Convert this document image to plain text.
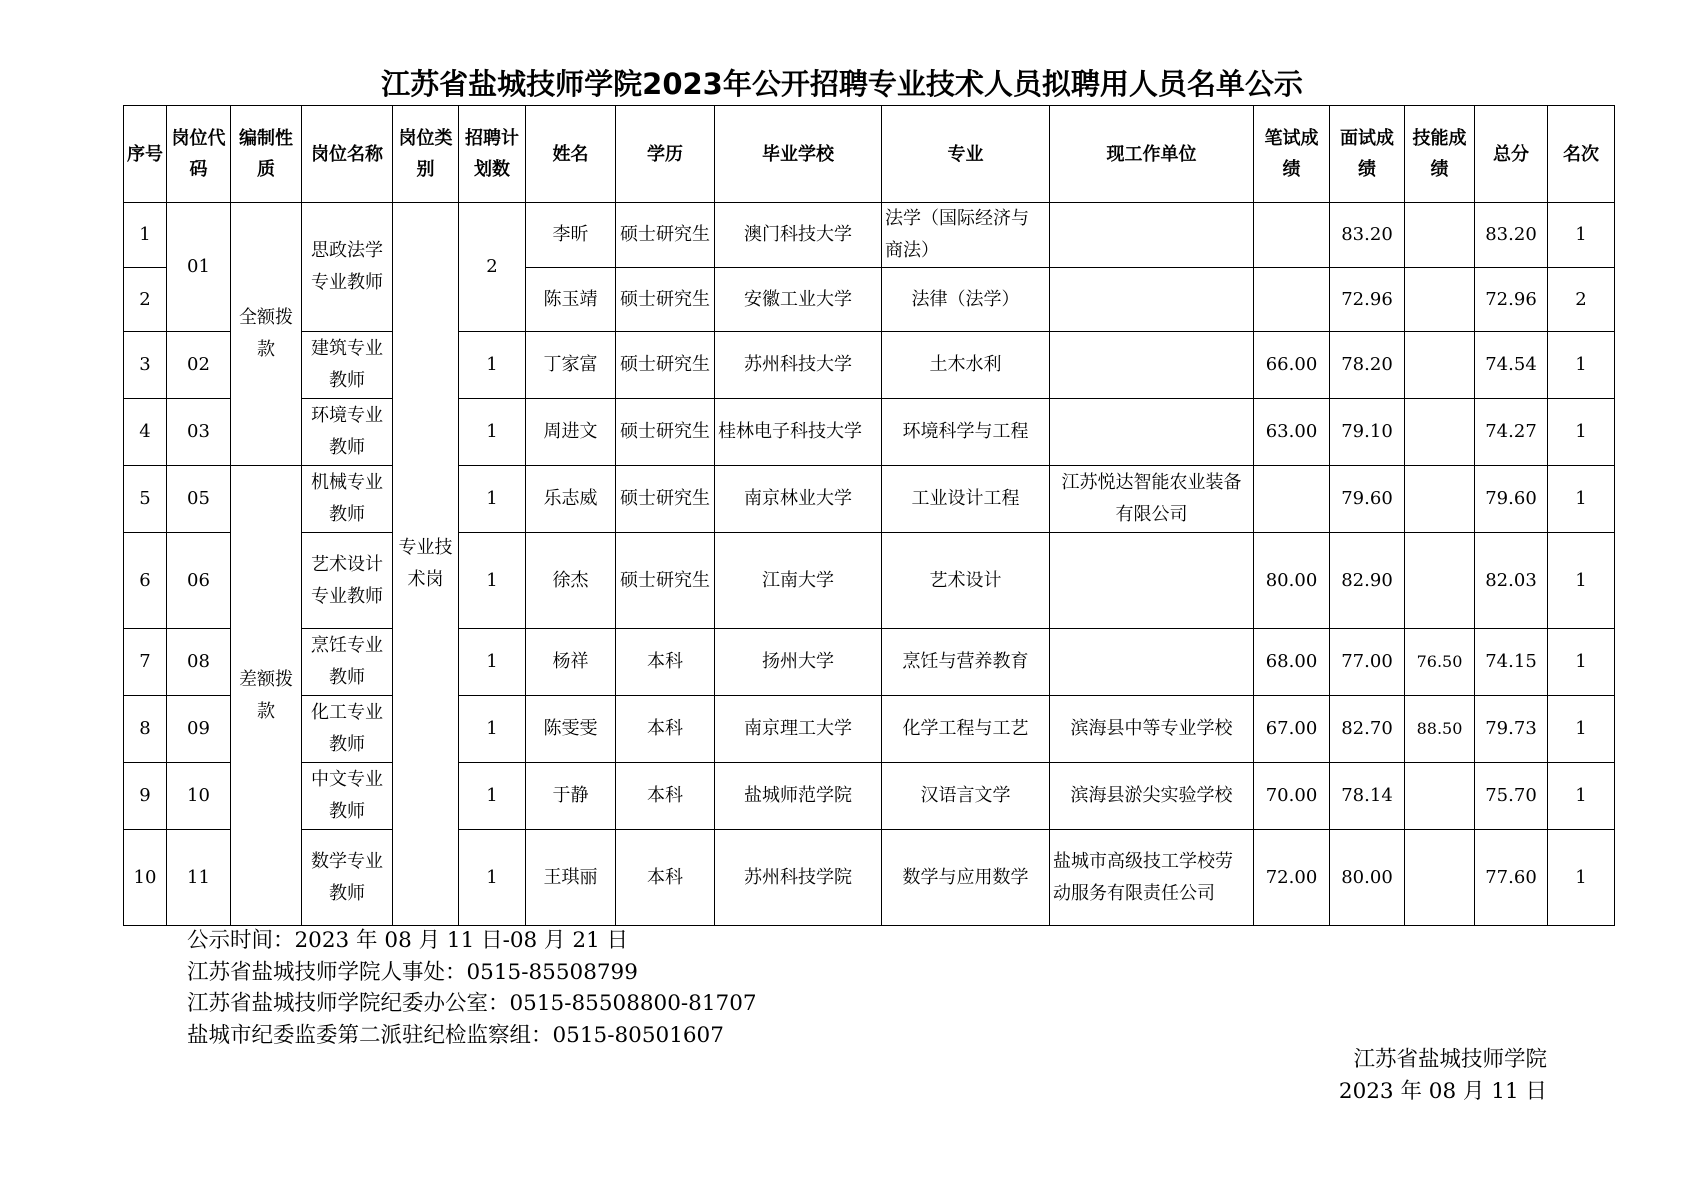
江苏省盐城技师学院2023年公开招聘专业技术人员拟聘用人员名单公示
序号	岗位代码	编制性质	岗位名称	岗位类别	招聘计划数	姓名	学历	毕业学校	专业	现工作单位	笔试成绩	面试成绩	技能成绩	总分	名次
1	01	全额拨款	思政法学专业教师	专业技术岗	2	李昕	硕士研究生	澳门科技大学	法学（国际经济与商法）			83.20		83.20	1
2						陈玉靖	硕士研究生	安徽工业大学	法律（法学）			72.96		72.96	2
3	02		建筑专业教师		1	丁家富	硕士研究生	苏州科技大学	土木水利		66.00	78.20		74.54	1
4	03		环境专业教师		1	周进文	硕士研究生	桂林电子科技大学	环境科学与工程		63.00	79.10		74.27	1
5	05	差额拨款	机械专业教师		1	乐志威	硕士研究生	南京林业大学	工业设计工程	江苏悦达智能农业装备有限公司		79.60		79.60	1
6	06		艺术设计专业教师		1	徐杰	硕士研究生	江南大学	艺术设计		80.00	82.90		82.03	1
7	08		烹饪专业教师		1	杨祥	本科	扬州大学	烹饪与营养教育		68.00	77.00	76.50	74.15	1
8	09		化工专业教师		1	陈雯雯	本科	南京理工大学	化学工程与工艺	滨海县中等专业学校	67.00	82.70	88.50	79.73	1
9	10		中文专业教师		1	于静	本科	盐城师范学院	汉语言文学	滨海县淤尖实验学校	70.00	78.14		75.70	1
10	11		数学专业教师		1	王琪丽	本科	苏州科技学院	数学与应用数学	盐城市高级技工学校劳动服务有限责任公司	72.00	80.00		77.60	1
公示时间：2023 年 08 月 11 日-08 月 21 日
江苏省盐城技师学院人事处：0515-85508799
江苏省盐城技师学院纪委办公室：0515-85508800-81707
盐城市纪委监委第二派驻纪检监察组：0515-80501607
江苏省盐城技师学院
2023 年 08 月 11 日
